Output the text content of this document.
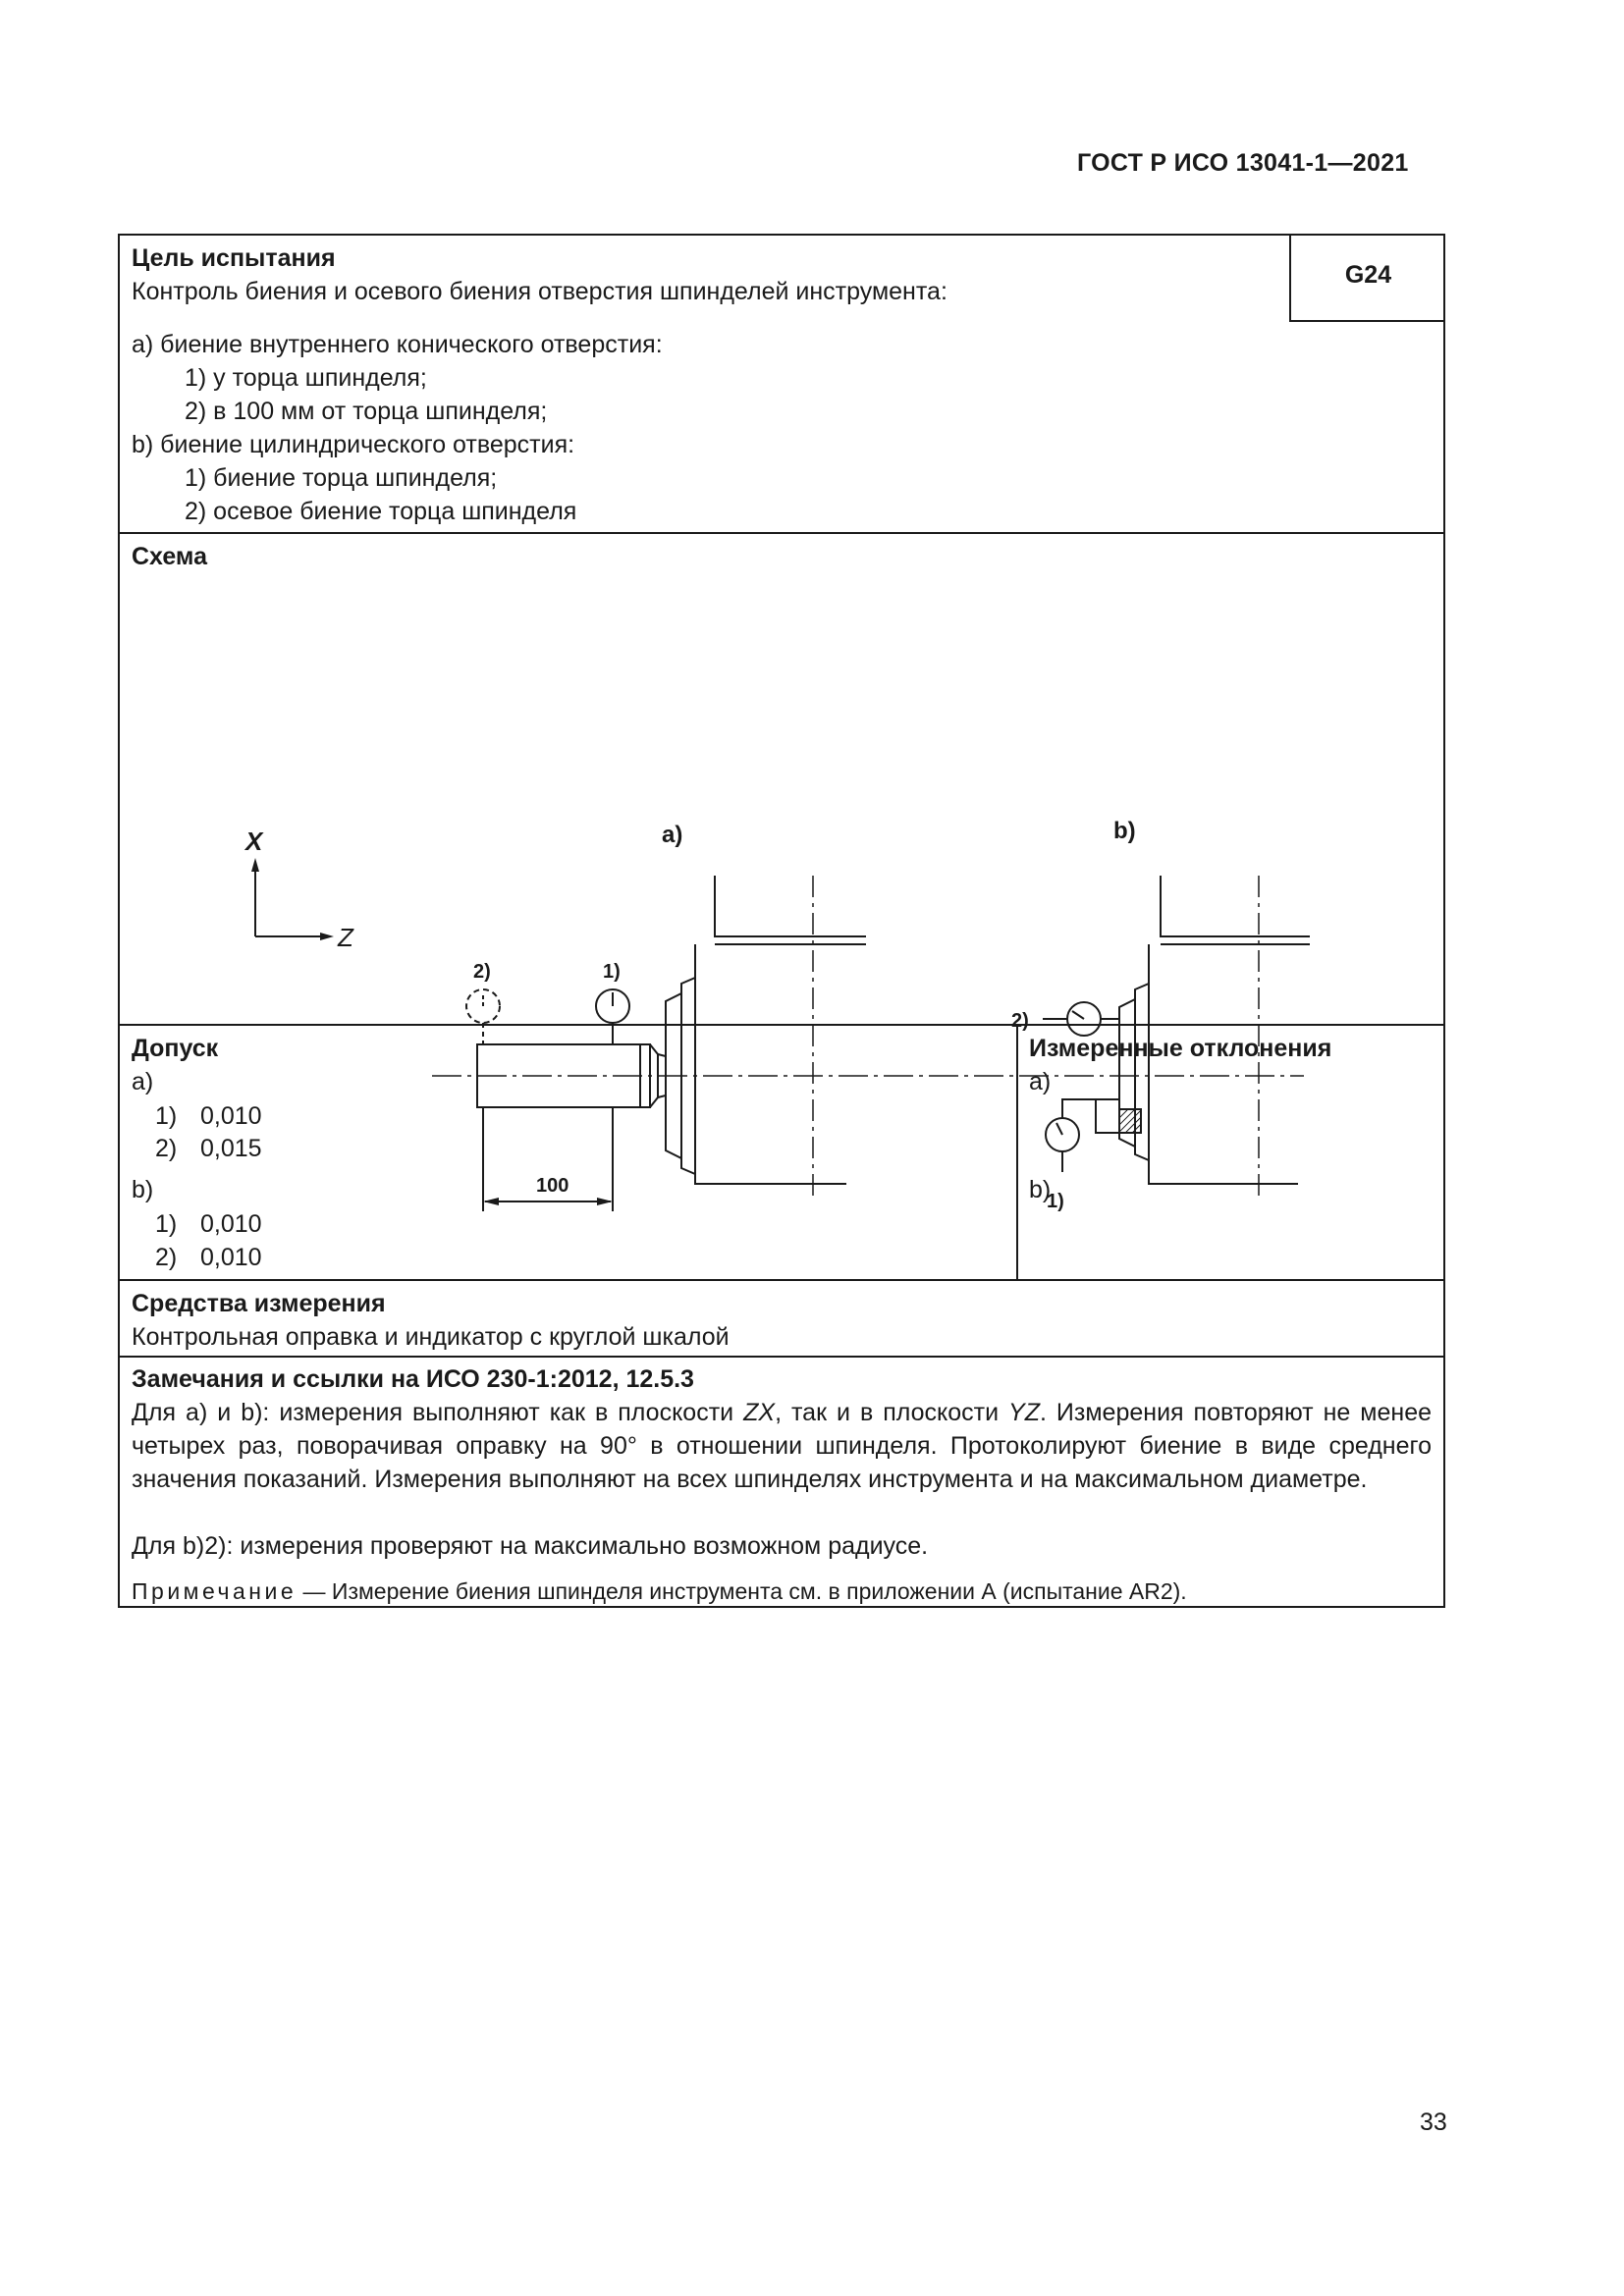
ГОСТ Р ИСО 13041-1—2021
G24
Цель испытания
Контроль биения и осевого биения отверстия шпинделей инструмента:
a) биение внутреннего конического отверстия:
1) у торца шпинделя;
2) в 100 мм от торца шпинделя;
b) биение цилиндрического отверстия:
1) биение торца шпинделя;
2) осевое биение торца шпинделя
Схема
X
Z
a)	b)
1)
2)
100
2)
1)
Допуск
a)
1) 0,010
2) 0,015
b)
1) 0,010
2) 0,010
Измеренные отклонения
a)
b)
Средства измерения
Контрольная оправка и индикатор с круглой шкалой
Замечания и ссылки на ИСО 230-1:2012, 12.5.3
Для a) и b): измерения выполняют как в плоскости ZX, так и в плоскости YZ. Измерения повторяют не менее четырех раз, поворачивая оправку на 90° в отношении шпинделя. Протоколируют биение в виде среднего значения показаний. Измерения выполняют на всех шпинделях инструмента и на максимальном диаметре.
Для b)2): измерения проверяют на максимально возможном радиусе.
Примечание — Измерение биения шпинделя инструмента см. в приложении А (испытание AR2).
33
